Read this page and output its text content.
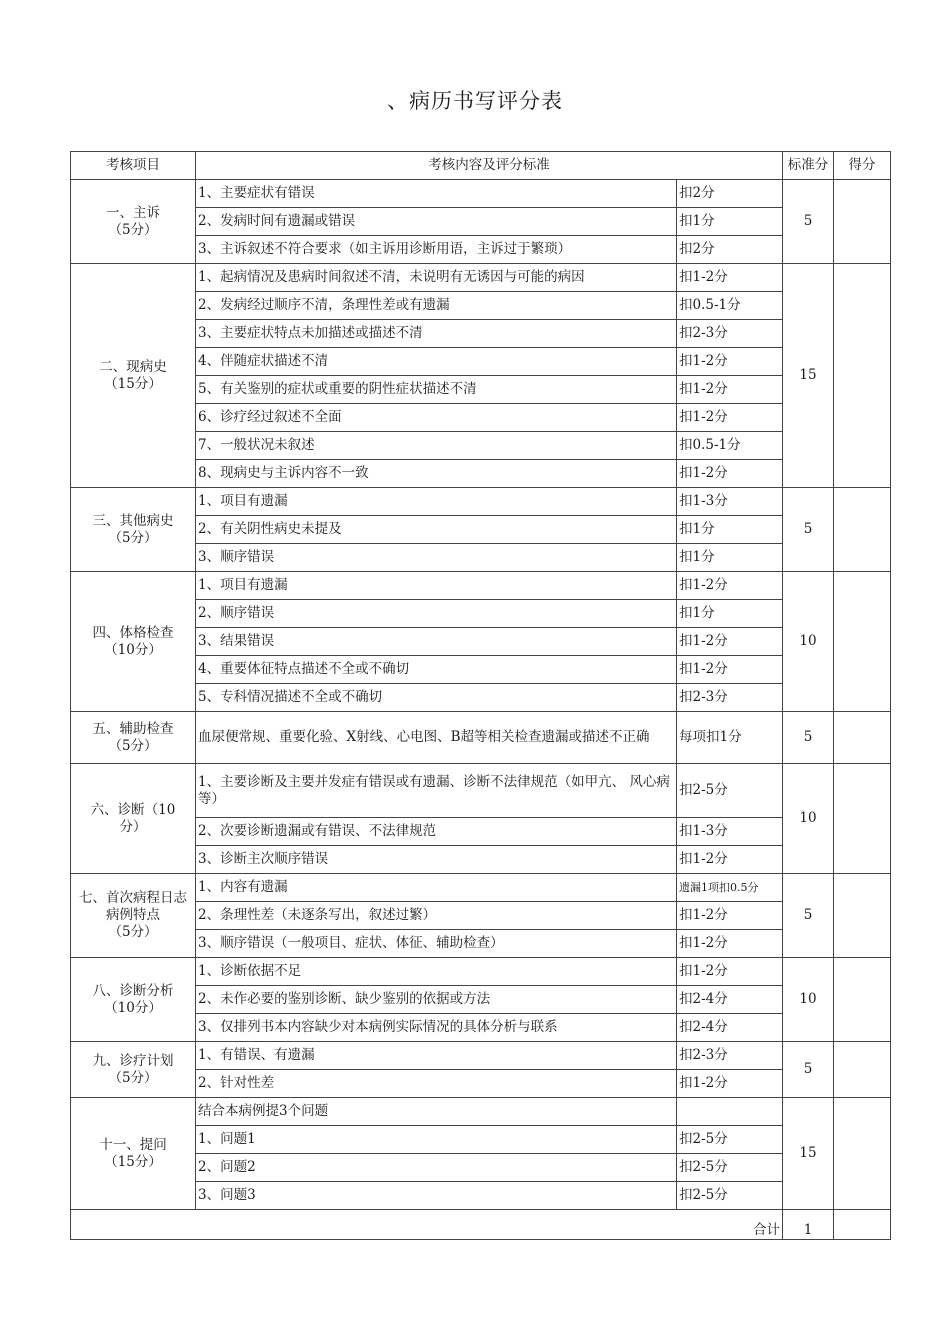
、病历书写评分表
考核项目	考核内容及评分标准		标准分	得分

一、主诉
（5分）	1、主要症状有错误	扣2分	5	
	2、发病时间有遗漏或错误	扣1分		
	3、主诉叙述不符合要求（如主诉用诊断用语，主诉过于繁琐）	扣2分		

二、现病史
（15分）	1、起病情况及患病时间叙述不清，未说明有无诱因与可能的病因	扣1-2分	15	
	2、发病经过顺序不清，条理性差或有遗漏	扣0.5-1分		
	3、主要症状特点未加描述或描述不清	扣2-3分		
	4、伴随症状描述不清	扣1-2分		
	5、有关鉴别的症状或重要的阴性症状描述不清	扣1-2分		
	6、诊疗经过叙述不全面	扣1-2分		
	7、一般状况未叙述	扣0.5-1分		
	8、现病史与主诉内容不一致	扣1-2分		

三、其他病史
（5分）	1、项目有遗漏	扣1-3分	5	
	2、有关阴性病史未提及	扣1分		
	3、顺序错误	扣1分		

四、体格检查
（10分）	1、项目有遗漏	扣1-2分	10	
	2、顺序错误	扣1分		
	3、结果错误	扣1-2分		
	4、重要体征特点描述不全或不确切	扣1-2分		
	5、专科情况描述不全或不确切	扣2-3分		

五、辅助检查
（5分）	血尿便常规、重要化验、X射线、心电图、B超等相关检查遗漏或描述不正确	每项扣1分	5	

六、诊断（10
分）	1、主要诊断及主要并发症有错误或有遗漏、诊断不法律规范（如甲亢、 风心病等）	扣2-5分	10	
	2、次要诊断遗漏或有错误、不法律规范	扣1-3分		
	3、诊断主次顺序错误	扣1-2分		

七、首次病程日志
病例特点
（5分）	1、内容有遗漏	遗漏1项扣0.5分	5	
	2、条理性差（未逐条写出，叙述过繁）	扣1-2分		
	3、顺序错误（一般项目、症状、体征、辅助检查）	扣1-2分		

八、诊断分析
（10分）	1、诊断依据不足	扣1-2分	10	
	2、未作必要的鉴别诊断、缺少鉴别的依据或方法	扣2-4分		
	3、仅排列书本内容缺少对本病例实际情况的具体分析与联系	扣2-4分		

九、诊疗计划
（5分）	1、有错误、有遗漏	扣2-3分	5	
	2、针对性差	扣1-2分		

十一、提问
（15分）	结合本病例提3个问题		15	
	1、问题1	扣2-5分		
	2、问题2	扣2-5分		
	3、问题3	扣2-5分		
合计			1	
